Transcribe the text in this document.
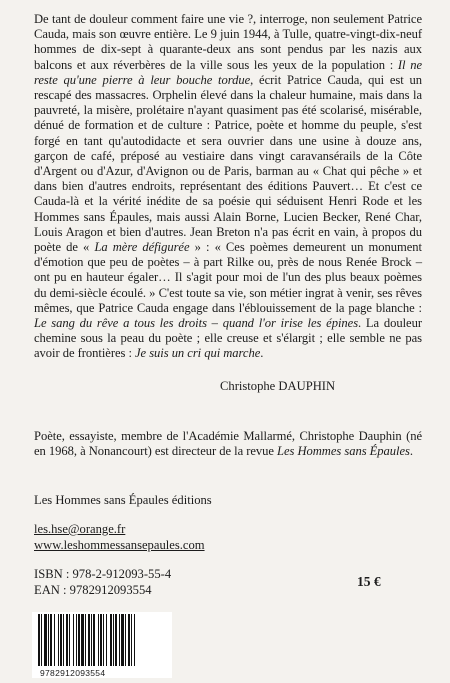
De tant de douleur comment faire une vie ?, interroge, non seulement Patrice Cauda, mais son œuvre entière. Le 9 juin 1944, à Tulle, quatre-vingt-dix-neuf hommes de dix-sept à quarante-deux ans sont pendus par les nazis aux balcons et aux réverbères de la ville sous les yeux de la population : Il ne reste qu'une pierre à leur bouche tordue, écrit Patrice Cauda, qui est un rescapé des massacres. Orphelin élevé dans la chaleur humaine, mais dans la pauvreté, la misère, prolétaire n'ayant quasiment pas été scolarisé, misérable, dénué de formation et de culture : Patrice, poète et homme du peuple, s'est forgé en tant qu'autodidacte et sera ouvrier dans une usine à douze ans, garçon de café, préposé au vestiaire dans vingt caravansérails de la Côte d'Argent ou d'Azur, d'Avignon ou de Paris, barman au « Chat qui pêche » et dans bien d'autres endroits, représentant des éditions Pauvert… Et c'est ce Cauda-là et la vérité inédite de sa poésie qui séduisent Henri Rode et les Hommes sans Épaules, mais aussi Alain Borne, Lucien Becker, René Char, Louis Aragon et bien d'autres. Jean Breton n'a pas écrit en vain, à propos du poète de « La mère défigurée » : « Ces poèmes demeurent un monument d'émotion que peu de poètes – à part Rilke ou, près de nous Renée Brock – ont pu en hauteur égaler… Il s'agit pour moi de l'un des plus beaux poèmes du demi-siècle écoulé. » C'est toute sa vie, son métier ingrat à venir, ses rêves mêmes, que Patrice Cauda engage dans l'éblouissement de la page blanche : Le sang du rêve a tous les droits – quand l'or irise les épines. La douleur chemine sous la peau du poète ; elle creuse et s'élargit ; elle semble ne pas avoir de frontières : Je suis un cri qui marche.

Christophe DAUPHIN

Poète, essayiste, membre de l'Académie Mallarmé, Christophe Dauphin (né en 1968, à Nonancourt) est directeur de la revue Les Hommes sans Épaules.

Les Hommes sans Épaules éditions
les.hse@orange.fr
www.leshommessansepaules.com
ISBN : 978-2-912093-55-4
EAN : 9782912093554
15 €
9782912093554
